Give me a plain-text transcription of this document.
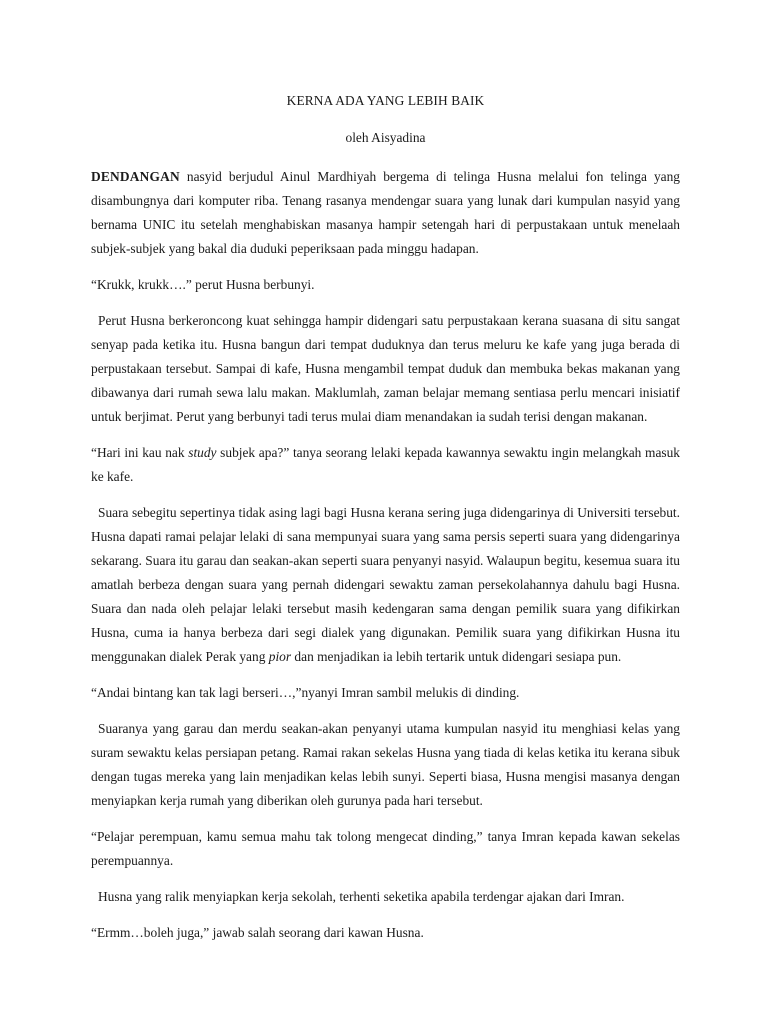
KERNA ADA YANG LEBIH BAIK

oleh Aisyadina

DENDANGAN nasyid berjudul Ainul Mardhiyah bergema di telinga Husna melalui fon telinga yang disambungnya dari komputer riba. Tenang rasanya mendengar suara yang lunak dari kumpulan nasyid yang bernama UNIC itu setelah menghabiskan masanya hampir setengah hari di perpustakaan untuk menelaah subjek-subjek yang bakal dia duduki peperiksaan pada minggu hadapan.

“Krukk, krukk….” perut Husna berbunyi.

Perut Husna berkeroncong kuat sehingga hampir didengari satu perpustakaan kerana suasana di situ sangat senyap pada ketika itu. Husna bangun dari tempat duduknya dan terus meluru ke kafe yang juga berada di perpustakaan tersebut. Sampai di kafe, Husna mengambil tempat duduk dan membuka bekas makanan yang dibawanya dari rumah sewa lalu makan. Maklumlah, zaman belajar memang sentiasa perlu mencari inisiatif untuk berjimat. Perut yang berbunyi tadi terus mulai diam menandakan ia sudah terisi dengan makanan.

“Hari ini kau nak study subjek apa?” tanya seorang lelaki kepada kawannya sewaktu ingin melangkah masuk ke kafe.

Suara sebegitu sepertinya tidak asing lagi bagi Husna kerana sering juga didengarinya di Universiti tersebut. Husna dapati ramai pelajar lelaki di sana mempunyai suara yang sama persis seperti suara yang didengarinya sekarang. Suara itu garau dan seakan-akan seperti suara penyanyi nasyid. Walaupun begitu, kesemua suara itu amatlah berbeza dengan suara yang pernah didengari sewaktu zaman persekolahannya dahulu bagi Husna. Suara dan nada oleh pelajar lelaki tersebut masih kedengaran sama dengan pemilik suara yang difikirkan Husna, cuma ia hanya berbeza dari segi dialek yang digunakan. Pemilik suara yang difikirkan Husna itu menggunakan dialek Perak yang pior dan menjadikan ia lebih tertarik untuk didengari sesiapa pun.

“Andai bintang kan tak lagi berseri…,”nyanyi Imran sambil melukis di dinding.

Suaranya yang garau dan merdu seakan-akan penyanyi utama kumpulan nasyid itu menghiasi kelas yang suram sewaktu kelas persiapan petang. Ramai rakan sekelas Husna yang tiada di kelas ketika itu kerana sibuk dengan tugas mereka yang lain menjadikan kelas lebih sunyi. Seperti biasa, Husna mengisi masanya dengan menyiapkan kerja rumah yang diberikan oleh gurunya pada hari tersebut.

“Pelajar perempuan, kamu semua mahu tak tolong mengecat dinding,” tanya Imran kepada kawan sekelas perempuannya.

Husna yang ralik menyiapkan kerja sekolah, terhenti seketika apabila terdengar ajakan dari Imran.

“Ermm…boleh juga,” jawab salah seorang dari kawan Husna.
